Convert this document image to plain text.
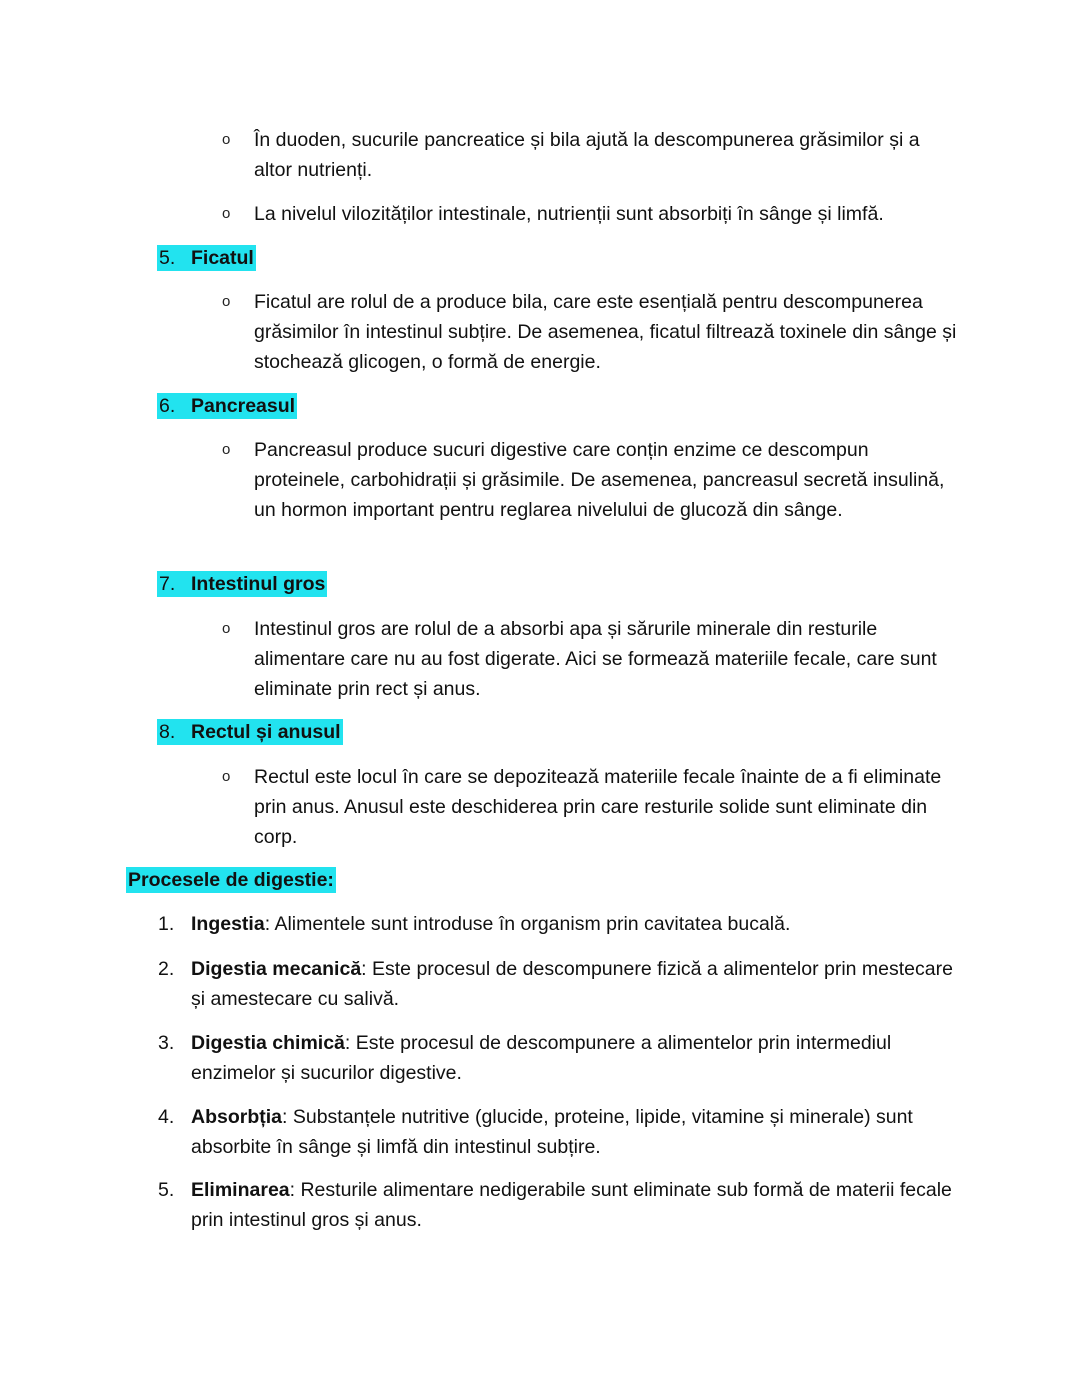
o În duoden, sucurile pancreatice și bila ajută la descompunerea grăsimilor și a altor nutrienți.

o La nivelul vilozităților intestinale, nutrienții sunt absorbiți în sânge și limfă.

5. Ficatul
o Ficatul are rolul de a produce bila, care este esențială pentru descompunerea grăsimilor în intestinul subțire. De asemenea, ficatul filtrează toxinele din sânge și stochează glicogen, o formă de energie.

6. Pancreasul
o Pancreasul produce sucuri digestive care conțin enzime ce descompun proteinele, carbohidrații și grăsimile. De asemenea, pancreasul secretă insulină, un hormon important pentru reglarea nivelului de glucoză din sânge.

7. Intestinul gros
o Intestinul gros are rolul de a absorbi apa și sărurile minerale din resturile alimentare care nu au fost digerate. Aici se formează materiile fecale, care sunt eliminate prin rect și anus.

8. Rectul și anusul
o Rectul este locul în care se depozitează materiile fecale înainte de a fi eliminate prin anus. Anusul este deschiderea prin care resturile solide sunt eliminate din corp.

Procesele de digestie:
1. Ingestia: Alimentele sunt introduse în organism prin cavitatea bucală.

2. Digestia mecanică: Este procesul de descompunere fizică a alimentelor prin mestecare și amestecare cu salivă.

3. Digestia chimică: Este procesul de descompunere a alimentelor prin intermediul enzimelor și sucurilor digestive.

4. Absorbția: Substanțele nutritive (glucide, proteine, lipide, vitamine și minerale) sunt absorbite în sânge și limfă din intestinul subțire.

5. Eliminarea: Resturile alimentare nedigerabile sunt eliminate sub formă de materii fecale prin intestinul gros și anus.
